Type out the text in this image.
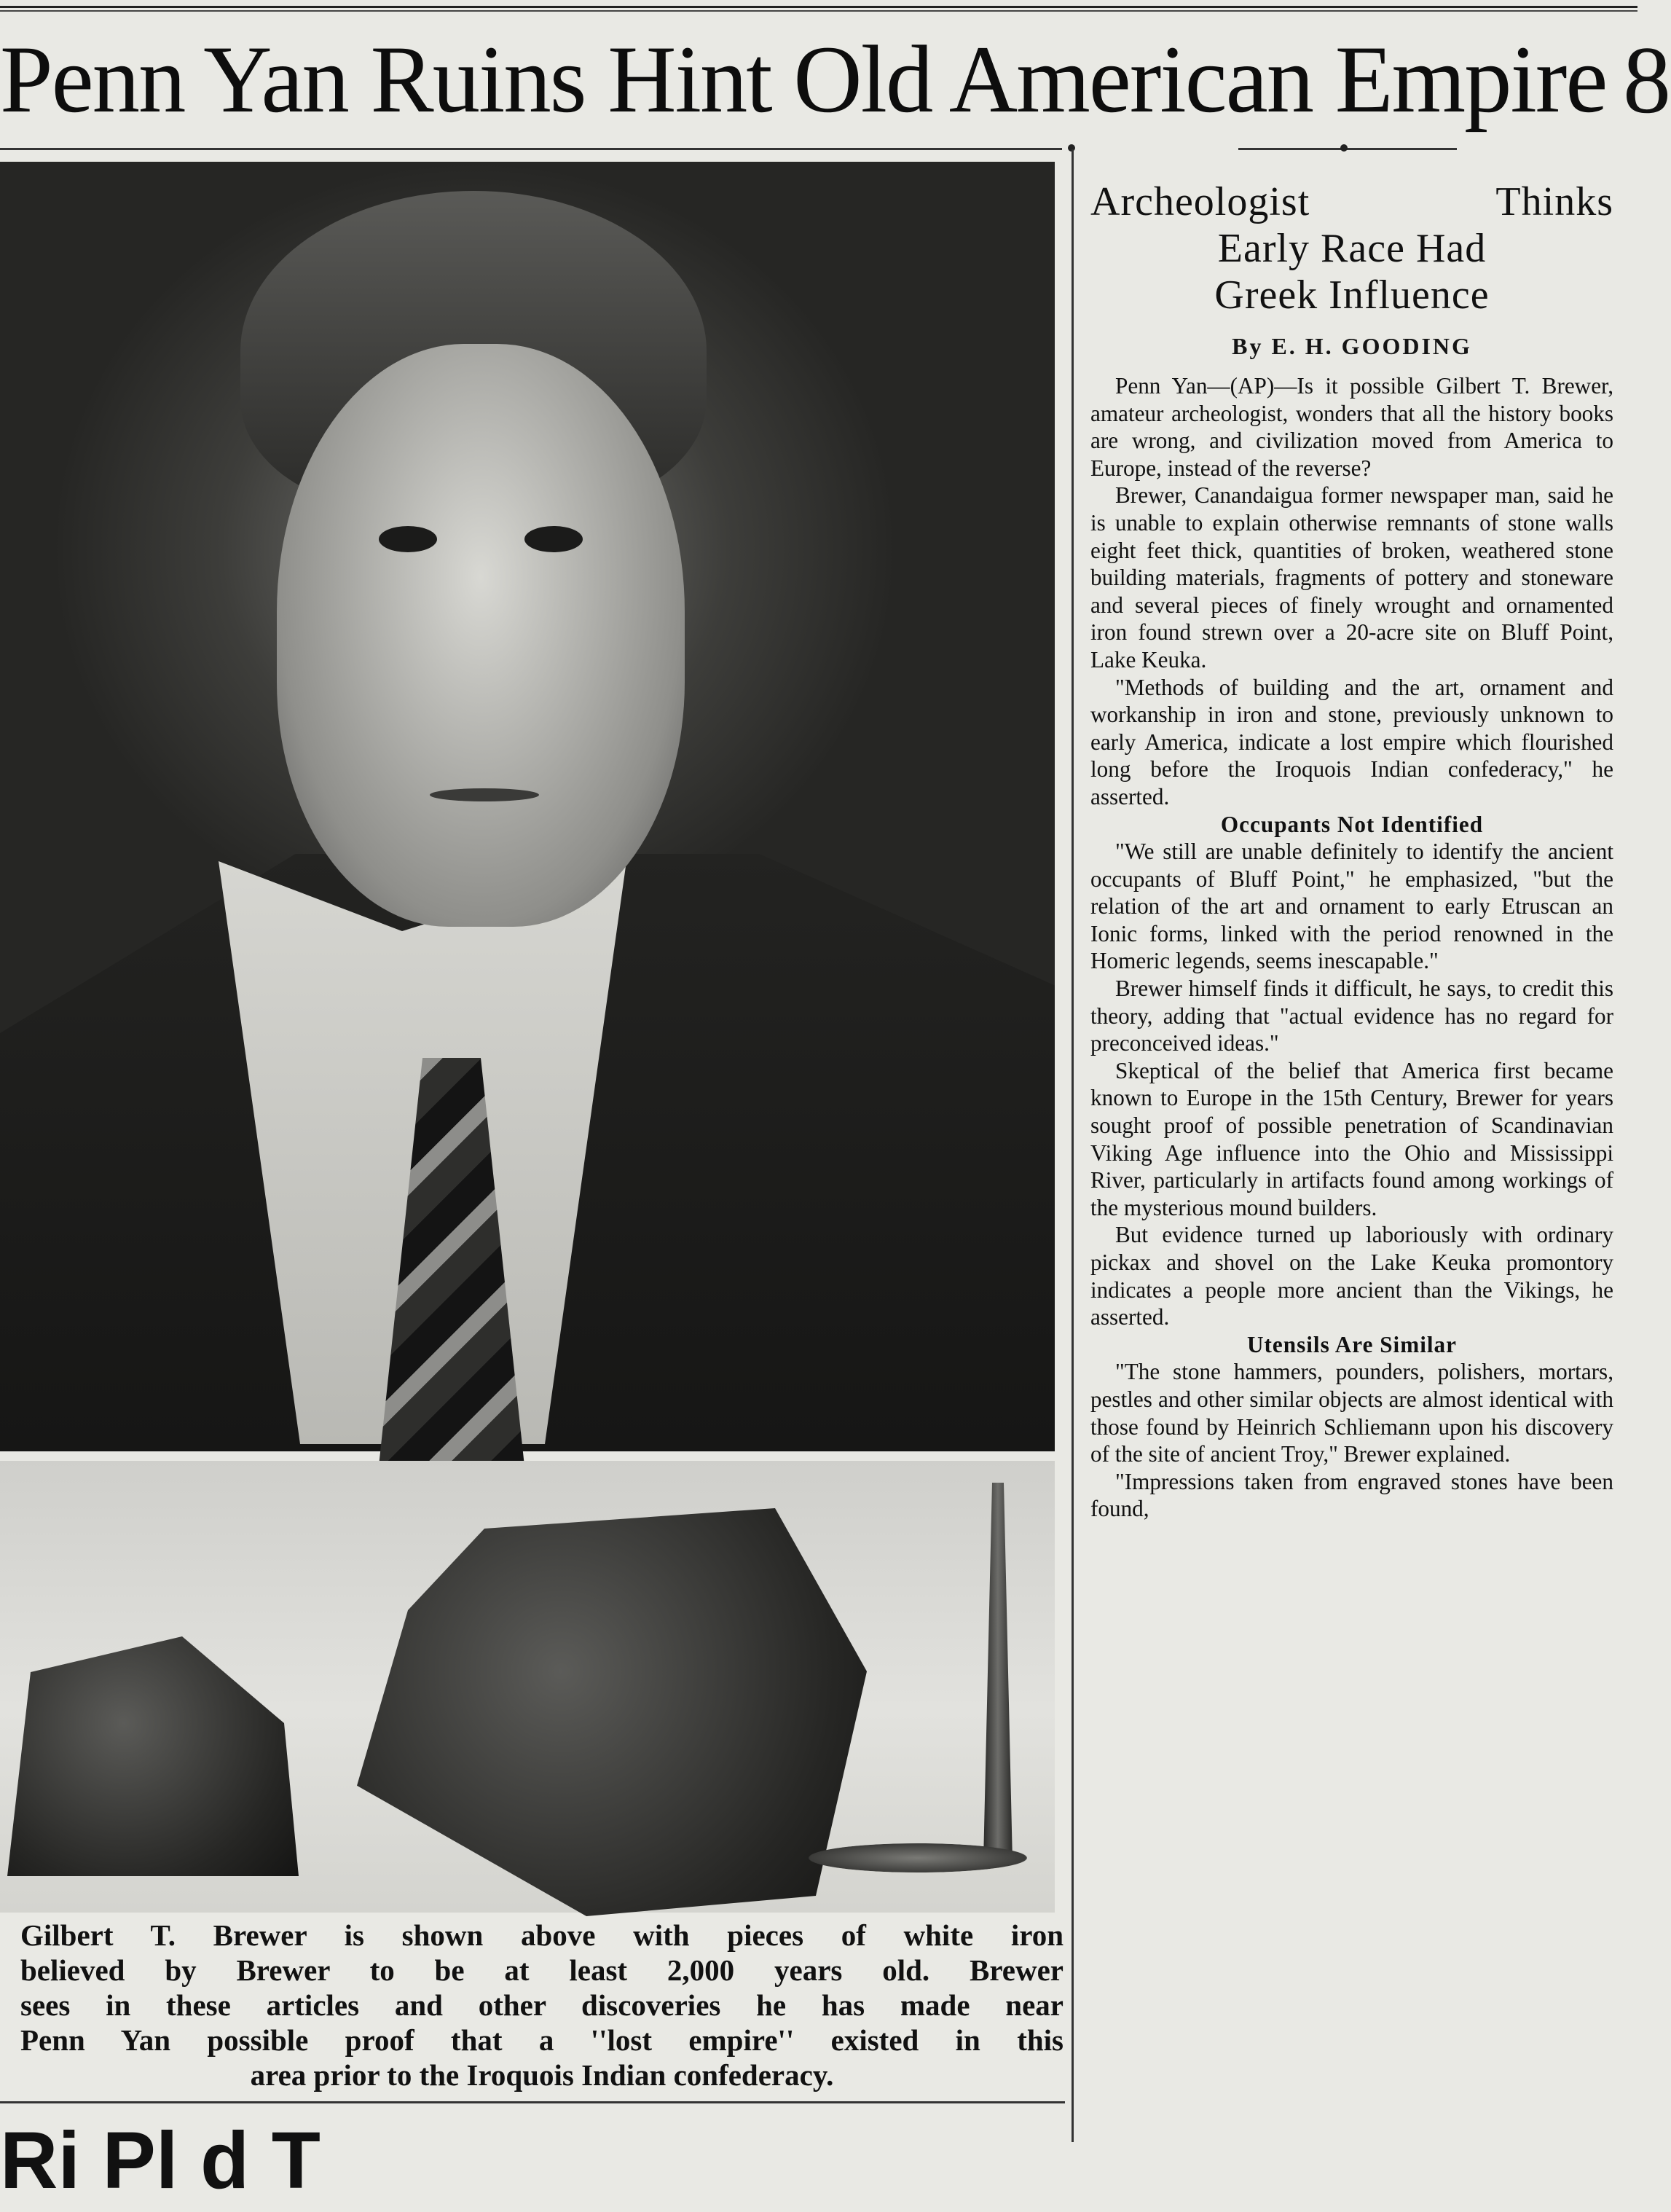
Penn Yan Ruins Hint Old American Empire 8
Gilbert T. Brewer is shown above with pieces of white iron
believed by Brewer to be at least 2,000 years old. Brewer
sees in these articles and other discoveries he has made near
Penn Yan possible proof that a ''lost empire'' existed in this
area prior to the Iroquois Indian confederacy.
Ri Pl d T
Archeologist Thinks
Early Race Had
Greek Influence
By E. H. GOODING

Penn Yan—(AP)—Is it possible Gilbert T. Brewer, amateur archeologist, wonders that all the history books are wrong, and civilization moved from America to Europe, instead of the reverse?

Brewer, Canandaigua former newspaper man, said he is unable to explain otherwise remnants of stone walls eight feet thick, quantities of broken, weathered stone building materials, fragments of pottery and stoneware and several pieces of finely wrought and ornamented iron found strewn over a 20-acre site on Bluff Point, Lake Keuka.

"Methods of building and the art, ornament and workanship in iron and stone, previously unknown to early America, indicate a lost empire which flourished long before the Iroquois Indian confederacy," he asserted.

Occupants Not Identified

"We still are unable definitely to identify the ancient occupants of Bluff Point," he emphasized, "but the relation of the art and ornament to early Etruscan an Ionic forms, linked with the period renowned in the Homeric legends, seems inescapable."

Brewer himself finds it difficult, he says, to credit this theory, adding that "actual evidence has no regard for preconceived ideas."

Skeptical of the belief that America first became known to Europe in the 15th Century, Brewer for years sought proof of possible penetration of Scandinavian Viking Age influence into the Ohio and Mississippi River, particularly in artifacts found among workings of the mysterious mound builders.

But evidence turned up laboriously with ordinary pickax and shovel on the Lake Keuka promontory indicates a people more ancient than the Vikings, he asserted.

Utensils Are Similar

"The stone hammers, pounders, polishers, mortars, pestles and other similar objects are almost identical with those found by Heinrich Schliemann upon his discovery of the site of ancient Troy," Brewer explained.

"Impressions taken from engraved stones have been found,
